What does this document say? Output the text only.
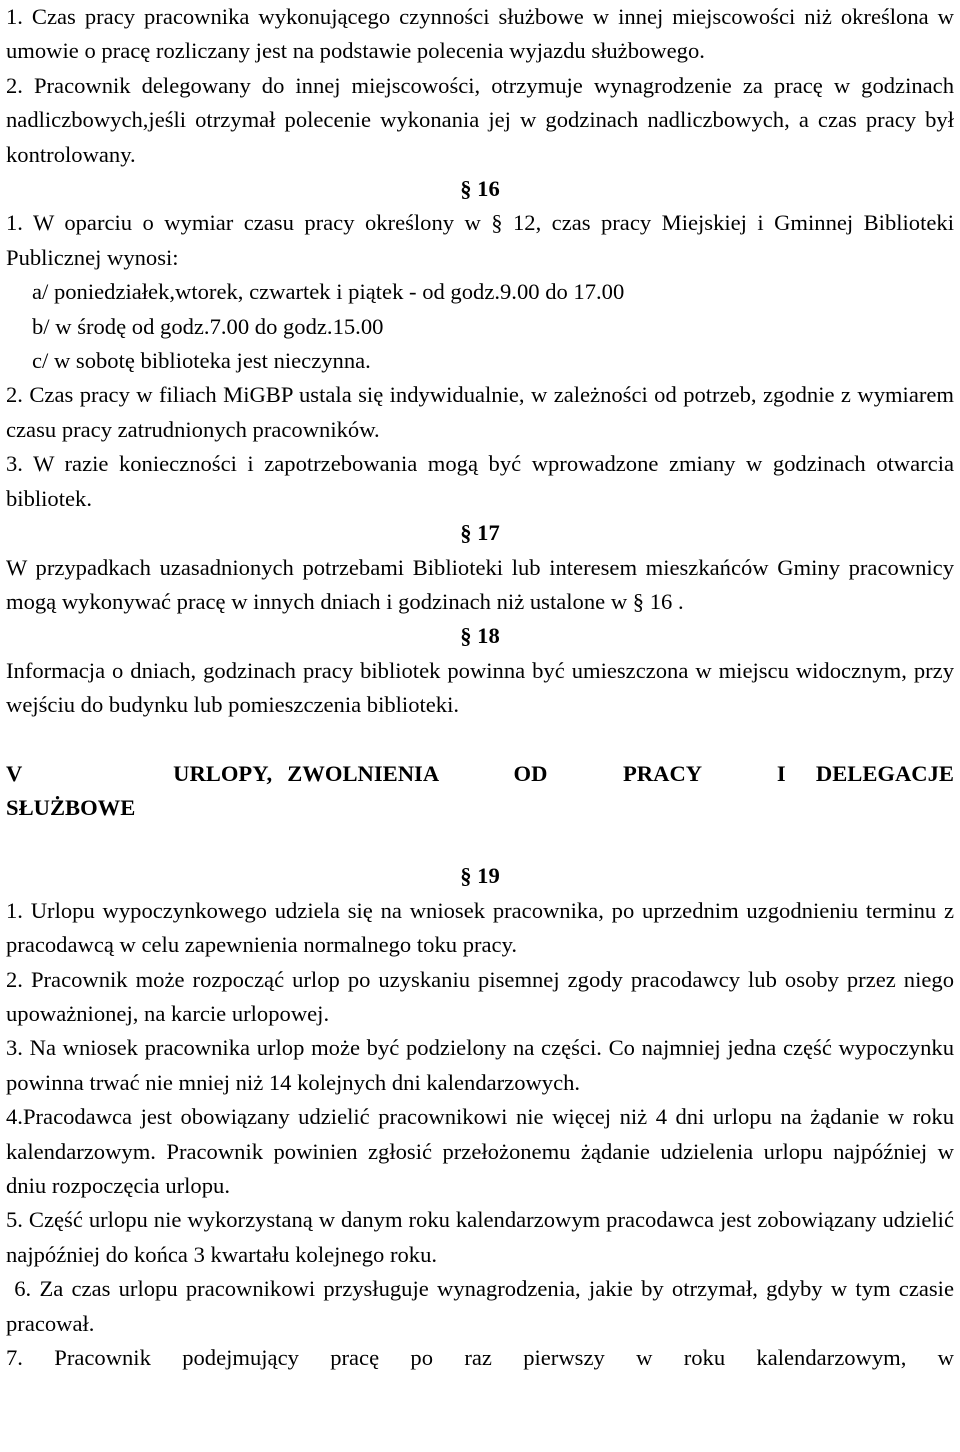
1. Czas pracy pracownika wykonującego czynności służbowe w innej miejscowości niż określona w umowie o pracę rozliczany jest na podstawie polecenia wyjazdu służbowego.

2. Pracownik delegowany do innej miejscowości, otrzymuje wynagrodzenie za pracę w godzinach nadliczbowych,jeśli otrzymał polecenie wykonania jej w godzinach nadliczbowych, a czas pracy był kontrolowany.

§ 16

1. W oparciu o wymiar czasu pracy określony w § 12, czas pracy Miejskiej i Gminnej Biblioteki Publicznej wynosi:

a/ poniedziałek,wtorek, czwartek i piątek - od godz.9.00 do 17.00

b/ w środę od godz.7.00 do godz.15.00

c/ w sobotę biblioteka jest nieczynna.

2. Czas pracy w filiach MiGBP ustala się indywidualnie, w zależności od potrzeb, zgodnie z wymiarem czasu pracy zatrudnionych pracowników.

3. W razie konieczności i zapotrzebowania mogą być wprowadzone zmiany w godzinach otwarcia bibliotek.

§ 17

W przypadkach uzasadnionych potrzebami Biblioteki lub interesem mieszkańców Gminy pracownicy mogą wykonywać pracę w innych dniach i godzinach niż ustalone w § 16 .

§ 18

Informacja o dniach, godzinach pracy bibliotek powinna być umieszczona w miejscu widocznym, przy wejściu do budynku lub pomieszczenia biblioteki.

V          URLOPY, ZWOLNIENIA     OD     PRACY     I  DELEGACJE

SŁUŻBOWE

§ 19

1. Urlopu wypoczynkowego udziela się na wniosek pracownika, po uprzednim uzgodnieniu terminu z pracodawcą w celu zapewnienia normalnego toku pracy.

2. Pracownik może rozpocząć urlop po uzyskaniu pisemnej zgody pracodawcy lub osoby przez niego upoważnionej, na karcie urlopowej.

3. Na wniosek pracownika urlop może być podzielony na części. Co najmniej jedna część wypoczynku powinna trwać nie mniej niż 14 kolejnych dni kalendarzowych.

4.Pracodawca jest obowiązany udzielić pracownikowi nie więcej niż 4 dni urlopu na żądanie w roku kalendarzowym. Pracownik powinien zgłosić przełożonemu żądanie udzielenia urlopu najpóźniej w dniu rozpoczęcia urlopu.

5. Część urlopu nie wykorzystaną w danym roku kalendarzowym pracodawca jest zobowiązany udzielić najpóźniej do końca 3 kwartału kolejnego roku.

6. Za czas urlopu pracownikowi przysługuje wynagrodzenia, jakie by otrzymał, gdyby w tym czasie pracował.

7. Pracownik podejmujący pracę po raz pierwszy w roku kalendarzowym, w
